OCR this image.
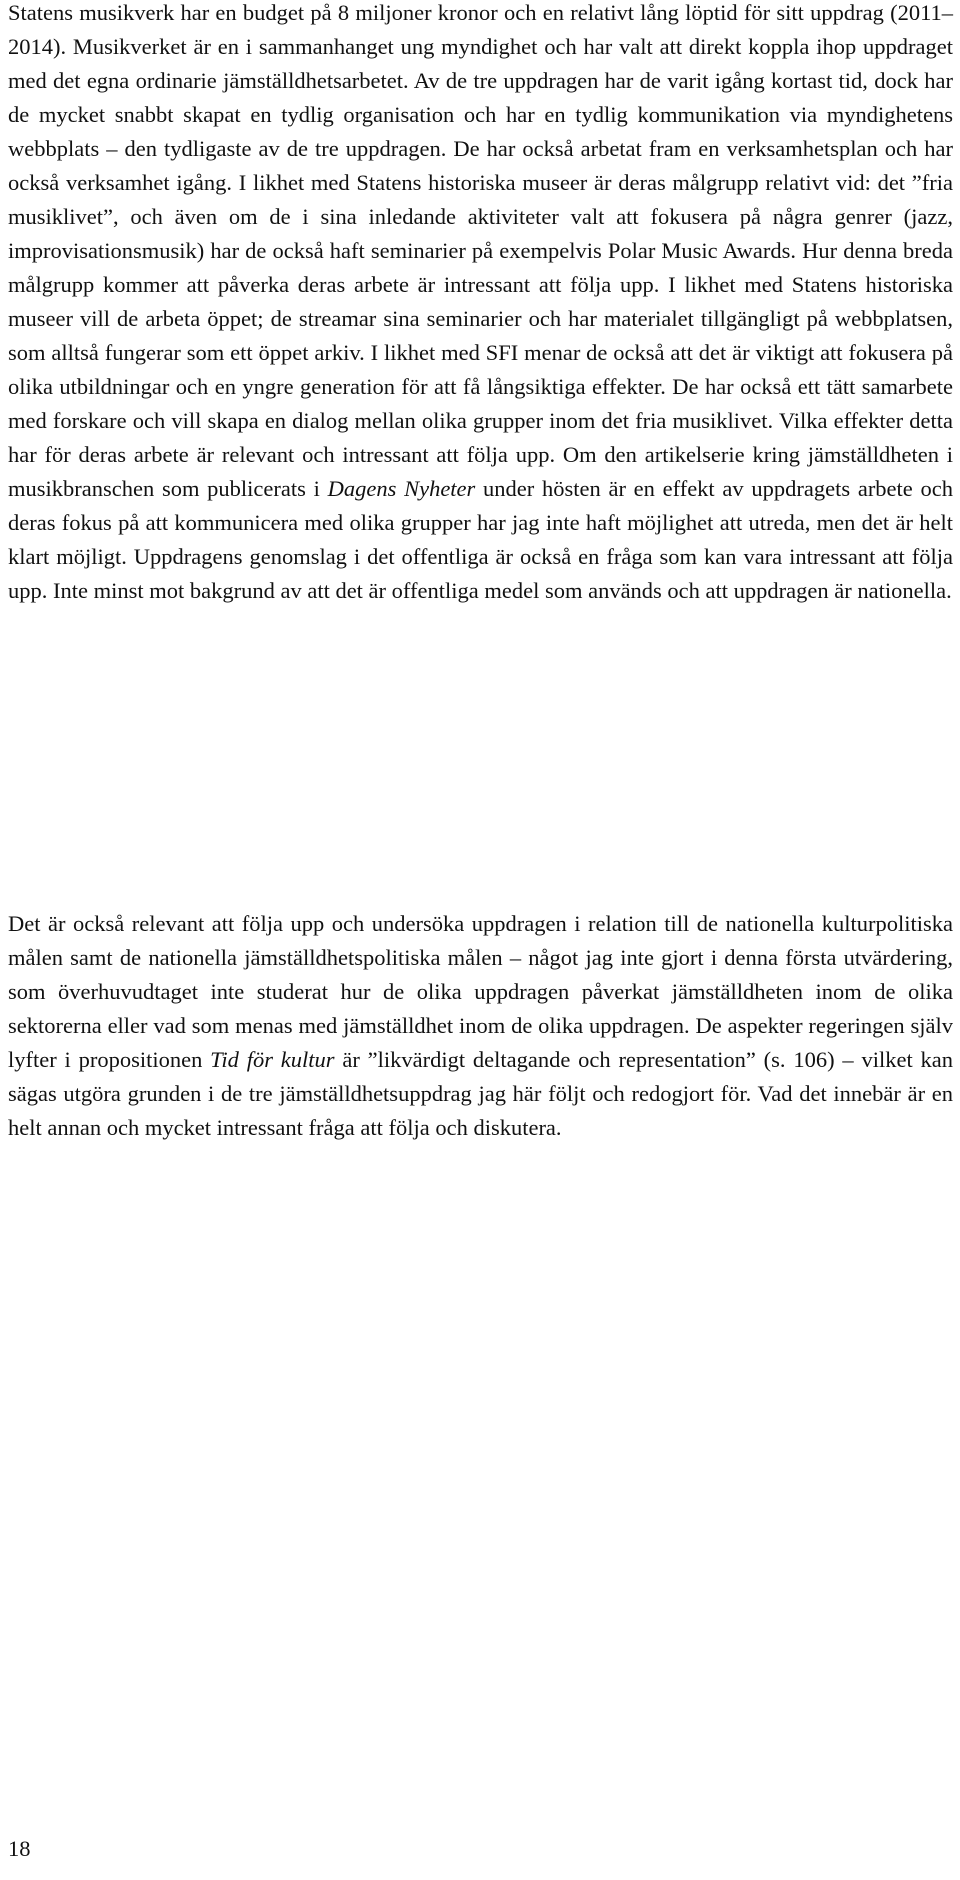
Statens musikverk har en budget på 8 miljoner kronor och en relativt lång löptid för sitt uppdrag (2011–2014). Musikverket är en i sammanhanget ung myndighet och har valt att direkt koppla ihop uppdraget med det egna ordinarie jämställdhetsarbetet. Av de tre uppdragen har de varit igång kortast tid, dock har de mycket snabbt skapat en tydlig organisation och har en tydlig kommunikation via myndighetens webbplats – den tydligaste av de tre uppdragen. De har också arbetat fram en verksamhetsplan och har också verksamhet igång. I likhet med Statens historiska museer är deras målgrupp relativt vid: det ”fria musiklivet”, och även om de i sina inledande aktiviteter valt att fokusera på några genrer (jazz, improvisationsmusik) har de också haft seminarier på exempelvis Polar Music Awards. Hur denna breda målgrupp kommer att påverka deras arbete är intressant att följa upp. I likhet med Statens historiska museer vill de arbeta öppet; de streamar sina seminarier och har materialet tillgängligt på webbplatsen, som alltså fungerar som ett öppet arkiv. I likhet med SFI menar de också att det är viktigt att fokusera på olika utbildningar och en yngre generation för att få långsiktiga effekter. De har också ett tätt samarbete med forskare och vill skapa en dialog mellan olika grupper inom det fria musiklivet. Vilka effekter detta har för deras arbete är relevant och intressant att följa upp. Om den artikelserie kring jämställdheten i musikbranschen som publicerats i Dagens Nyheter under hösten är en effekt av uppdragets arbete och deras fokus på att kommunicera med olika grupper har jag inte haft möjlighet att utreda, men det är helt klart möjligt. Uppdragens genomslag i det offentliga är också en fråga som kan vara intressant att följa upp. Inte minst mot bakgrund av att det är offentliga medel som används och att uppdragen är nationella.

Det är också relevant att följa upp och undersöka uppdragen i relation till de nationella kulturpolitiska målen samt de nationella jämställdhetspolitiska målen – något jag inte gjort i denna första utvärdering, som överhuvudtaget inte studerat hur de olika uppdragen påverkat jämställdheten inom de olika sektorerna eller vad som menas med jämställdhet inom de olika uppdragen. De aspekter regeringen själv lyfter i propositionen Tid för kultur är ”likvärdigt deltagande och representation” (s. 106) – vilket kan sägas utgöra grunden i de tre jämställdhetsuppdrag jag här följt och redogjort för. Vad det innebär är en helt annan och mycket intressant fråga att följa och diskutera.

18
